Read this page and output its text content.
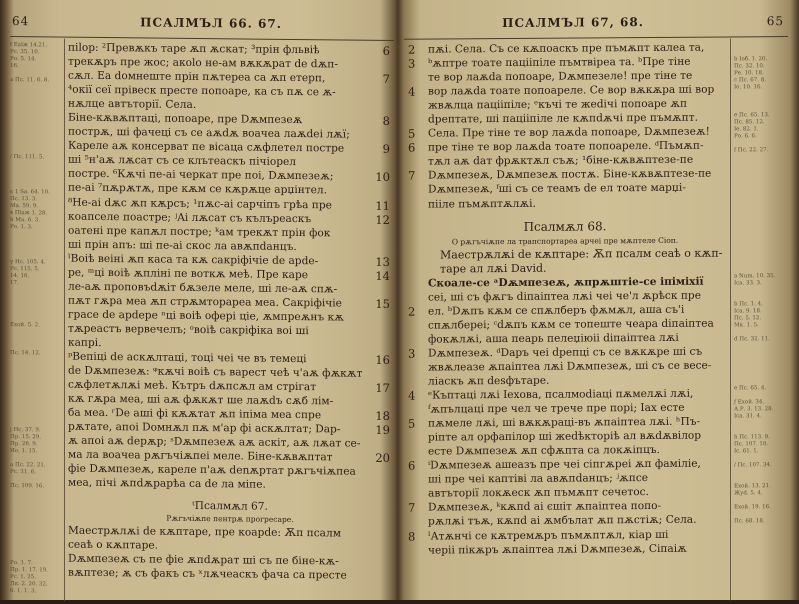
64	ПСАЛМЪЛ 66. 67.
f Еаїж 14.21.
Рс. 35. 10.
Ро. 5. 14.
16.
а Пс. 11. 6. 8.
/ Пс. 111. 5.
є 1 Sa. 64. 10.
Пс. 13. 3.
Ма. 59. 9.
в Пlaж 1. 28.
h Ма. 6. 3.
Ро. 1. 3.
у Нс. 105. 4.
Рс. 115. 5.
14. 16.
17.
Ехой. 5. 2.
Пс. 14. 12.
j Нс. 37. 9.
Пр. 15. 29.
Пр. 28. 9.
Ие. 1. 15.
а Пс. 22. 21.
Рс. 31. 6.
Пс. 109. 16.
Ро. 1. 7.
Пр. 1. 17. 19.
Рс. 1. 25.
Лк. 2. 20. 32.
6. 1. 1. 3.
піloр: ²Превѫкъ таре ѫп ѫскат; ³прін фльвіѣ	6
трекѫръ пре жос; акоlo не-ам вѫкѫрат de dѫп-
сѫл. Еа dомнеште прін пѫтереа са ѫп етерп,	7
⁴окії сеї прівеск престе попоаре, ка съ пѫ се ѫ-
нѫлце автъторії. Села.
Біне-кѫвѫптаці, попоаре, пре Dѫмпезеѫ	8
пострѫ, ші фачеці съ се аѫdѫ воачеа лаѫdеі лѫї;
Кареле аѫ консерват пе вісаца сѫфлетел постре	9
ші ⁵н'аѫ лѫсат съ се клътеаскъ пічіорел
постре. ⁶Кѫчі пе-аі черкат пре поі, Dѫмпезеѫ;	10
пе-аі ⁷пѫрѫтѫ, пре кѫм се кѫрѫце арџінтел.
⁸Не-аі dѫс ѫп кѫрсъ; ¹пѫс-аі сарчіпъ грѣа пре	11
коапселе поастре; ʲAі лѫсат съ кълъреаскъ	12
оатені пре капѫл постре; ᵏам трекѫт прін фок
ші прін апъ: ші пе-аі скос ла авѫпdанцъ.
ˡВоіѣ веіні ѫп каса та кѫ сакріфічіе de арdе-	13
ре, ᵐці воіѣ ѫпліні пе воткѫ меѣ. Пре каре	14
ле-аѫ проповъdѫіт бѫзеле меле, ші ле-аѫ спѫ-
пѫт гѫра меа ѫп стрѫмтораpea меа. Сакріфічіе	15
грасе de арdере ⁿці воіѣ оферi ціе, ѫмпреѫнъ кѫ
тѫреастъ вервечелъ; ᵒвоіѣ сакріфіка воі ші
капрі.
ᵖВепіці de аскѫлтаці, тоці чеі че въ темеці	16
de Dѫмпезеѫ: ᵠкѫчі воіѣ съ варест чеѣ ч'аѫ фѫкѫт
сѫфлетѫлѫі меѣ. Кътръ dѫпсѫл ам стрігат	17
кѫ гѫра меа, ші аѫ фѫкѫт ше лаѫdъ сѫб лім-
ба меа. ʳDе аші фі кѫѫтат ѫп іпіма меа спре	18
рѫтате, апоі Dомнѫл пѫ м'ар фі аскѫлтат; Dар-	19
ѫ апоі аѫ dерѫр; ˢDѫмпезеѫ аѫ аскіт, аѫ лѫат се-
ма ла воачеа рѫгъчіѫпеі меле. Біне-кѫвѫптат	20
фіе Dѫмпезеѫ, кареле п'аѫ dеnѫртат рѫгъчіѫпеа
меа, пічі ѫпdѫрарѣа са de ла міпе.
ᵗПсалмѫл 67.
Рѫгъчіѫпе пентрѫ прогресаре.
Маестрѫлѫі de кѫптаре, пре коарdе: Ѫп псалм
сеаѣ о кѫптаре.
Dѫмпезеѫ съ пе фіе ѫпdѫрат ші съ пе біне-кѫ-
вѫптезе; ѫ съ факъ съ ˣлѫчеаскъ фача са престе
ПСАЛМЪЛ 67, 68.	65
пѫі. Села. Съ се кѫпоаскъ пре пъмѫпт калеа та,
2
ᵇѫптре тоате пацііпіле пъмтвіреа та. ᵇПре тіне
3
те вор лаѫdа попоаре, Dѫмпезеле! пре тіне те
вор лаѫdа тоате попоареле. Се вор вѫкѫра ші вор
4
жвѫлца пацііпіле; ᵉкъчі те жеdічі попоаре ѫп
dрептате, ші пацііпіле ле кѫпdѫчі пре пъмѫпт.
Села. Пре тіне те вор лаѫdа попоаре, Dѫмпезеѫ!
5
пре тіне те вор лаѫdа тоате попоареле. ᵈПъмѫп-
6
тѫл аѫ dат фрѫктѫл съѫ; ¹біне-кѫвѫптезе-пе
Dѫмпезеѫ, Dѫмпезеѫ постѫ. Біне-кѫвѫптезе-пе
7
Dѫмпезеѫ, ᶠші съ се теамъ de ел тоате марџі-
пііле пъмѫптѫлѫі.
Псалмѫл 68.
О рѫгъчіѫпе ла трапспортареа арчеі пре мѫптеле Сіоп.
Маестрѫлѫі de кѫптаре: Ѫп псалм сеаѣ о кѫп-
таре ал лѫі Davіd.
Скоале-се ᵃDѫмпезеѫ, ѫпрѫштіе-се іпіміхії
сеі, ші съ фѫгъ dіпаіптеа лѫі чеі че'л ѫрѣск пре
ел. ᵇDѫпъ кѫм се спѫлберъ фѫмѫл, аша съ'і
2
спѫлбереі; ᶜdѫпъ кѫм се топеште чеара dіпаіптеа
фокѫлѫі, аша пеарь пелеџіюіі dіпаіптеа лѫі
Dѫмпезеѫ. ᵈDаръ чеі dрепці съ се вѫкѫре ші съ
3
жвѫлеазе ѫпаіптеа лѫі Dѫмпезеѫ, ші съ се весе-
ліаскъ ѫп desфътаре.
ᵉКъптаці лѫі Іехова, псалмоdіаці пѫмелѫі лѫі,
4
ᶠѫпълцаці пре чел че тpeче пре порі; Іах есте
пѫмеле лѫі, ші вѫкѫраці-въ ѫпаіптеа лѫі. ʰПъ-
5
ріпте ал орфапілор ші жеdѣкторіѣ ал вѫdѫвілор
есте Dѫмпезеѫ ѫп сфѫпта са локѫіпцъ.
ⁱDѫмпезеѫ ашеазъ пре чеі сіпгѫреі ѫп фамілiе,
6
ші пре чеі каптіві ла авѫпdанцъ; ʲѫпсе
автъторії локѫеск ѫп пъмѫпт сечетос.
Dѫмпезеѫ, ᵏкѫпd аі єшіт ѫпаіптеа попо-
7
рѫлѫі тъѫ, кѫпd аі ѫмбълат ѫп пѫстіѫ; Села.
ˡАтѫнчі се кѫтремѫръ пъмѫптѫл, кіар ші
8
черіі пікѫръ ѫпаіптеа лѫі Dѫмпезеѫ, Сіпаіѫ
b Іоб. 1. 20.
Пс. 32. 10.
Ре. 10. 18.
с Пс. 67. 8.
Іо. 10. 16.
е Пс. 65. 13.
Пс. 85. 12.
Іе. 82. 1.
Ро. 6. 6.
f Пс. 22. 27.
a Num. 10. 35.
Іса. 33. 3.
b Пс. 1. 4.
Іса. 9. 18.
Пс. 5. 12.
Мк. 1. 5.
d Пс. 32. 11.
е Пс. 65. 4.
ƒ Ехой. 34.
А.Р. 3. 13. 28.
Іса. 31. 4.
h Пс. 113. 9.
Пс. 107. 10.
Іс. 61. 1.
/ Пс. 107. 34.
Ехой. 13. 21.
Жуd. 5. 4.
Ехой. 19. 16.
Пс. 68. 18.
